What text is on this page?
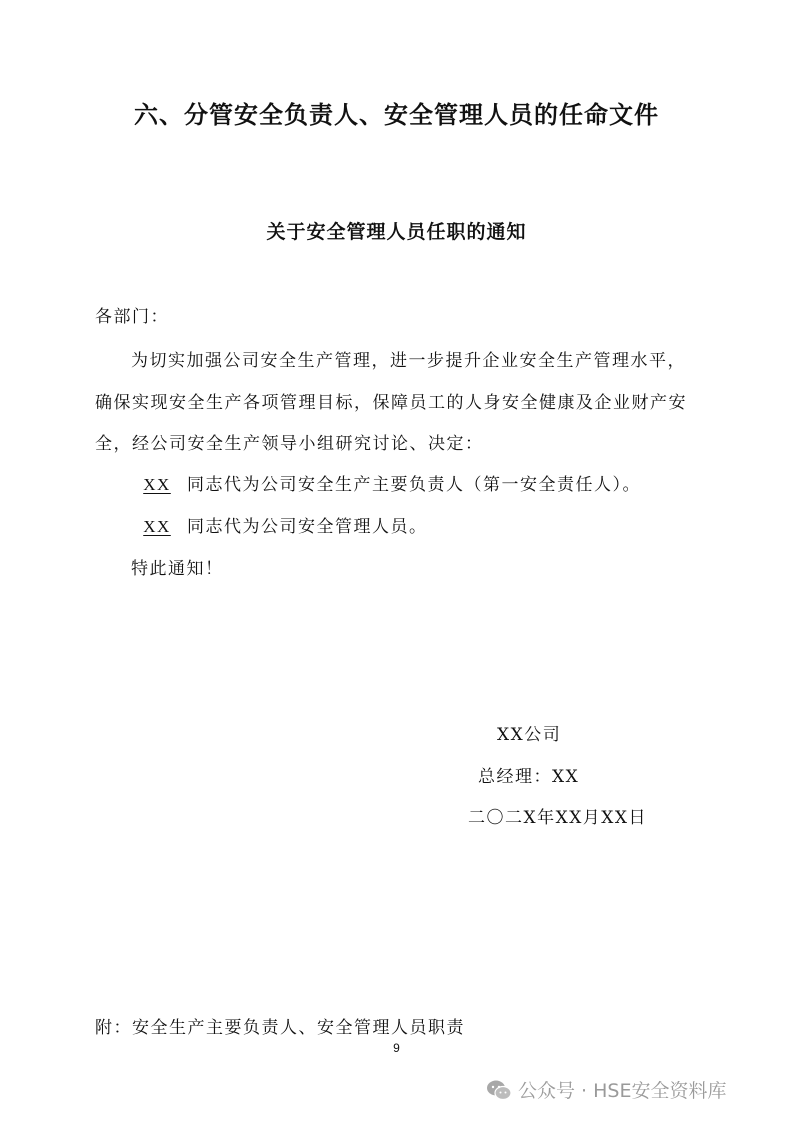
六、分管安全负责人、安全管理人员的任命文件
关于安全管理人员任职的通知
各部门：
为切实加强公司安全生产管理，进一步提升企业安全生产管理水平，
确保实现安全生产各项管理目标，保障员工的人身安全健康及企业财产安
全，经公司安全生产领导小组研究讨论、决定：
XX 同志代为公司安全生产主要负责人（第一安全责任人）。
XX 同志代为公司安全管理人员。
特此通知！
XX公司
总经理：XX
二〇二X年XX月XX日
附：安全生产主要负责人、安全管理人员职责
9
公众号 · HSE安全资料库
